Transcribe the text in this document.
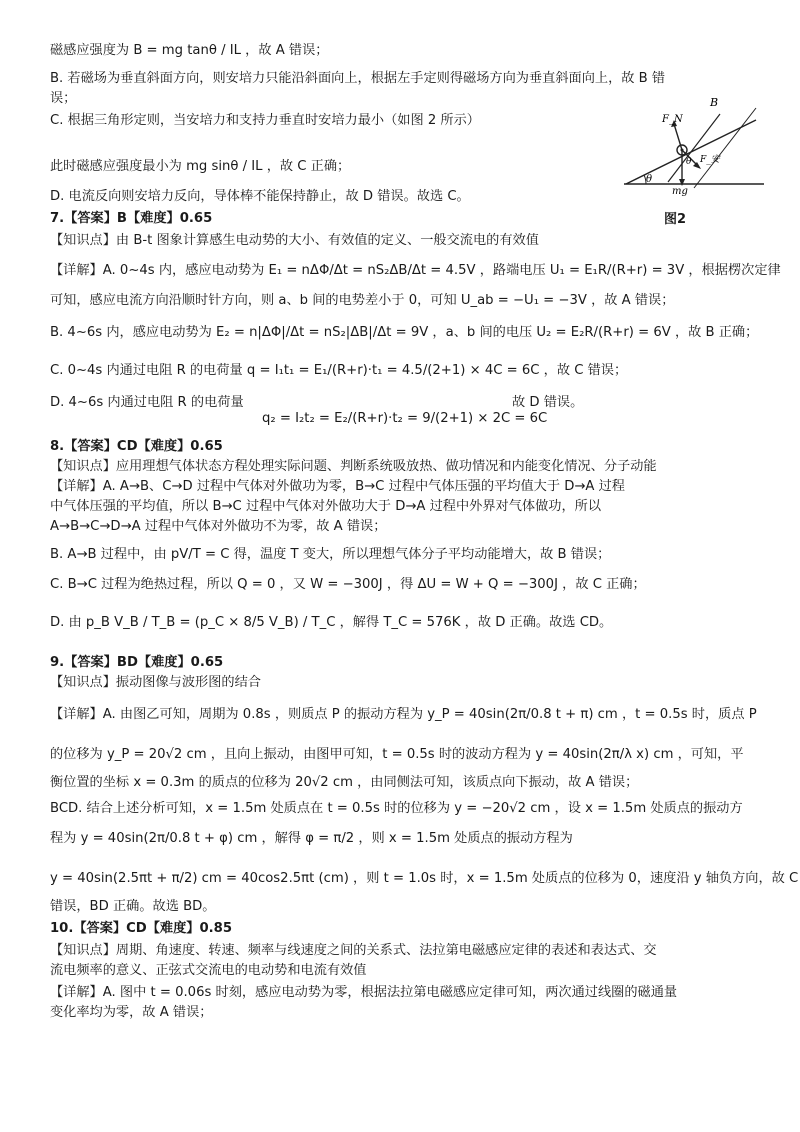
磁感应强度为 B = mg tanθ / IL ，故 A 错误；
B. 若磁场为垂直斜面方向，则安培力只能沿斜面向上，根据左手定则得磁场方向为垂直斜面向上，故 B 错
误；
C. 根据三角形定则，当安培力和支持力垂直时安培力最小（如图 2 所示）
此时磁感应强度最小为 mg sinθ / IL ，故 C 正确；
D. 电流反向则安培力反向，导体棒不能保持静止，故 D 错误。故选 C。
7.【答案】B【难度】0.65
【知识点】由 B-t 图象计算感生电动势的大小、有效值的定义、一般交流电的有效值
【详解】A. 0~4s 内，感应电动势为 E₁ = nΔΦ/Δt = nS₂ΔB/Δt = 4.5V ，路端电压 U₁ = E₁R/(R+r) = 3V ，根据楞次定律
可知，感应电流方向沿顺时针方向，则 a、b 间的电势差小于 0，可知 U_ab = −U₁ = −3V ，故 A 错误；
B. 4~6s 内，感应电动势为 E₂ = n|ΔΦ|/Δt = nS₂|ΔB|/Δt = 9V ，a、b 间的电压 U₂ = E₂R/(R+r) = 6V ，故 B 正确；
C. 0~4s 内通过电阻 R 的电荷量 q = I₁t₁ = E₁/(R+r)·t₁ = 4.5/(2+1) × 4C = 6C ，故 C 错误；
D. 4~6s 内通过电阻 R 的电荷量
q₂ = I₂t₂ = E₂/(R+r)·t₂ = 9/(2+1) × 2C = 6C
故 D 错误。
8.【答案】CD【难度】0.65
【知识点】应用理想气体状态方程处理实际问题、判断系统吸放热、做功情况和内能变化情况、分子动能
【详解】A. A→B、C→D 过程中气体对外做功为零，B→C 过程中气体压强的平均值大于 D→A 过程
中气体压强的平均值，所以 B→C 过程中气体对外做功大于 D→A 过程中外界对气体做功，所以
A→B→C→D→A 过程中气体对外做功不为零，故 A 错误；
B. A→B 过程中，由 pV/T = C 得，温度 T 变大，所以理想气体分子平均动能增大，故 B 错误；
C. B→C 过程为绝热过程，所以 Q = 0 ，又 W = −300J ，得 ΔU = W + Q = −300J ，故 C 正确；
D. 由 p_B V_B / T_B = (p_C × 8/5 V_B) / T_C ，解得 T_C = 576K ，故 D 正确。故选 CD。
9.【答案】BD【难度】0.65
【知识点】振动图像与波形图的结合
【详解】A. 由图乙可知，周期为 0.8s ，则质点 P 的振动方程为 y_P = 40sin(2π/0.8 t + π) cm ，t = 0.5s 时，质点 P
的位移为 y_P = 20√2 cm ，且向上振动，由图甲可知，t = 0.5s 时的波动方程为 y = 40sin(2π/λ x) cm ，可知，平
衡位置的坐标 x = 0.3m 的质点的位移为 20√2 cm ，由同侧法可知，该质点向下振动，故 A 错误；
BCD. 结合上述分析可知，x = 1.5m 处质点在 t = 0.5s 时的位移为 y = −20√2 cm ，设 x = 1.5m 处质点的振动方
程为 y = 40sin(2π/0.8 t + φ) cm ，解得 φ = π/2 ，则 x = 1.5m 处质点的振动方程为
y = 40sin(2.5πt + π/2) cm = 40cos2.5πt (cm) ，则 t = 1.0s 时，x = 1.5m 处质点的位移为 0，速度沿 y 轴负方向，故 C
错误，BD 正确。故选 BD。
10.【答案】CD【难度】0.85
【知识点】周期、角速度、转速、频率与线速度之间的关系式、法拉第电磁感应定律的表述和表达式、交
流电频率的意义、正弦式交流电的电动势和电流有效值
【详解】A. 图中 t = 0.06s 时刻，感应电动势为零，根据法拉第电磁感应定律可知，两次通过线圈的磁通量
变化率均为零，故 A 错误；
θ
θ
F_N
mg
F_安
B
图2
